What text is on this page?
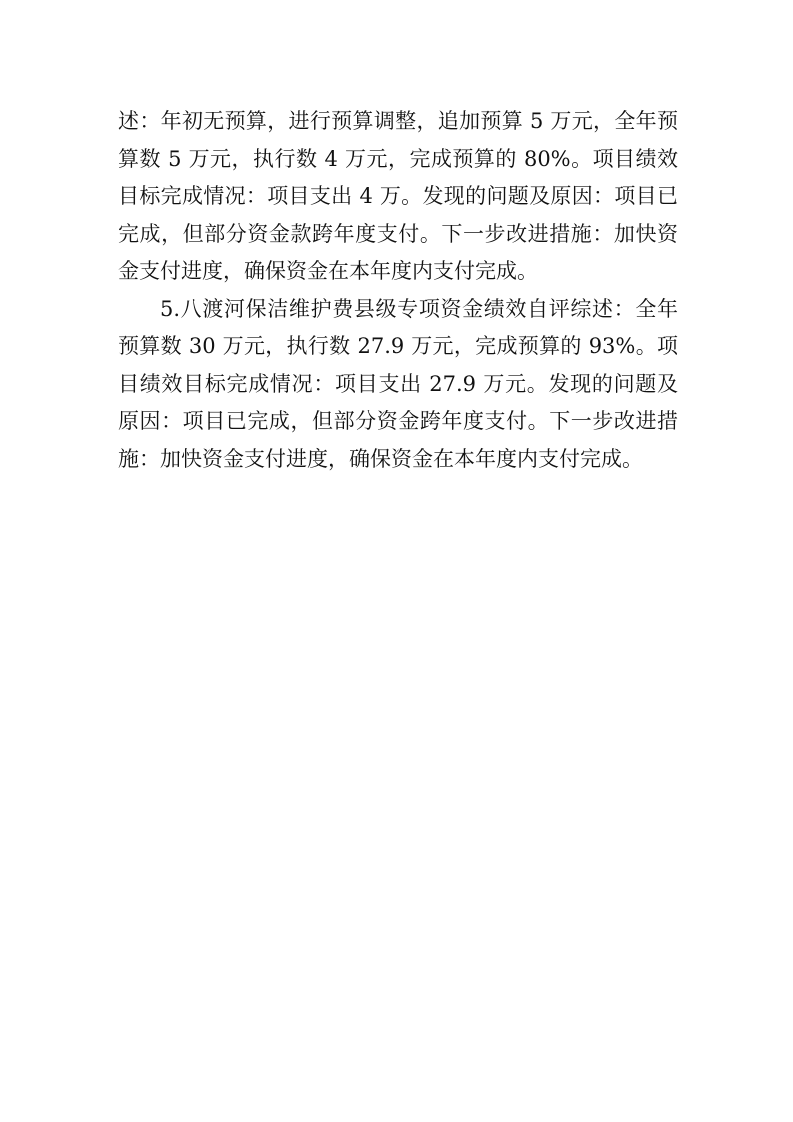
述：年初无预算，进行预算调整，追加预算 5 万元，全年预算数 5 万元，执行数 4 万元，完成预算的 80%。项目绩效目标完成情况：项目支出 4 万。发现的问题及原因：项目已完成，但部分资金款跨年度支付。下一步改进措施：加快资金支付进度，确保资金在本年度内支付完成。

5.八渡河保洁维护费县级专项资金绩效自评综述：全年预算数 30 万元，执行数 27.9 万元，完成预算的 93%。项目绩效目标完成情况：项目支出 27.9 万元。发现的问题及原因：项目已完成，但部分资金跨年度支付。下一步改进措施：加快资金支付进度，确保资金在本年度内支付完成。
